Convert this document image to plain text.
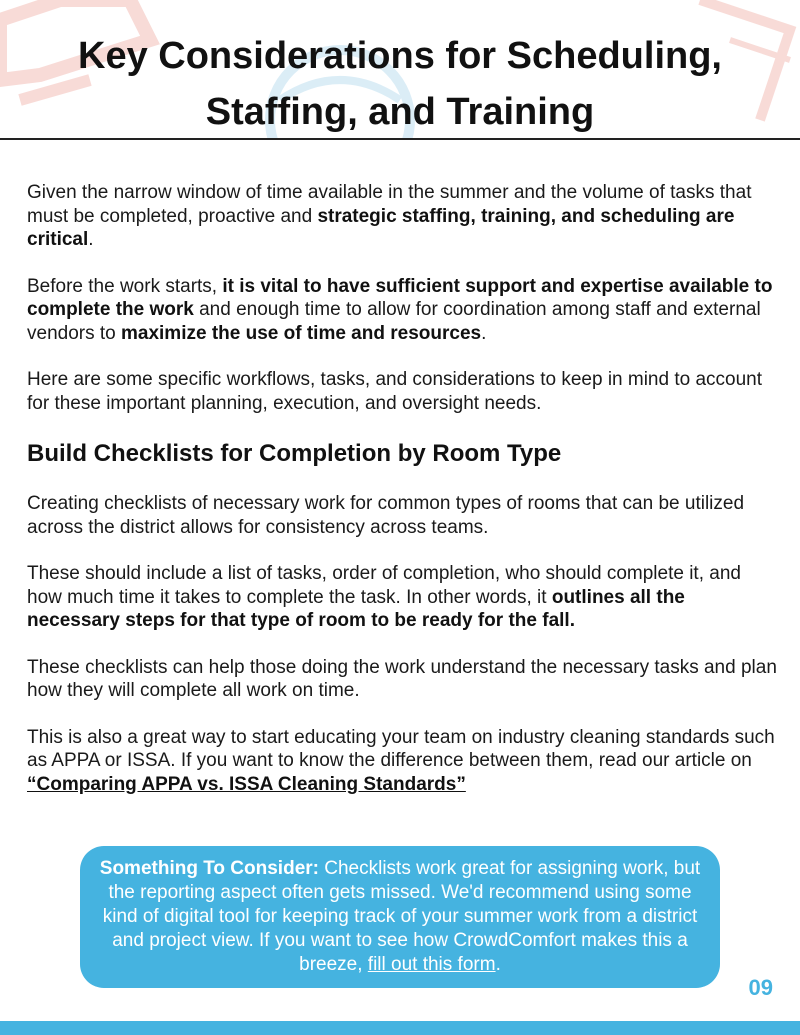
Key Considerations for Scheduling,
Staffing, and Training

Given the narrow window of time available in the summer and the volume of tasks that must be completed, proactive and strategic staffing, training, and scheduling are critical.

Before the work starts, it is vital to have sufficient support and expertise available to complete the work and enough time to allow for coordination among staff and external vendors to maximize the use of time and resources.

Here are some specific workflows, tasks, and considerations to keep in mind to account for these important planning, execution, and oversight needs.

Build Checklists for Completion by Room Type

Creating checklists of necessary work for common types of rooms that can be utilized across the district allows for consistency across teams.

These should include a list of tasks, order of completion, who should complete it, and how much time it takes to complete the task. In other words, it outlines all the necessary steps for that type of room to be ready for the fall.

These checklists can help those doing the work understand the necessary tasks and plan how they will complete all work on time.

This is also a great way to start educating your team on industry cleaning standards such as APPA or ISSA. If you want to know the difference between them, read our article on “Comparing APPA vs. ISSA Cleaning Standards”

Something To Consider: Checklists work great for assigning work, but the reporting aspect often gets missed. We'd recommend using some kind of digital tool for keeping track of your summer work from a district and project view. If you want to see how CrowdComfort makes this a breeze, fill out this form.
09
